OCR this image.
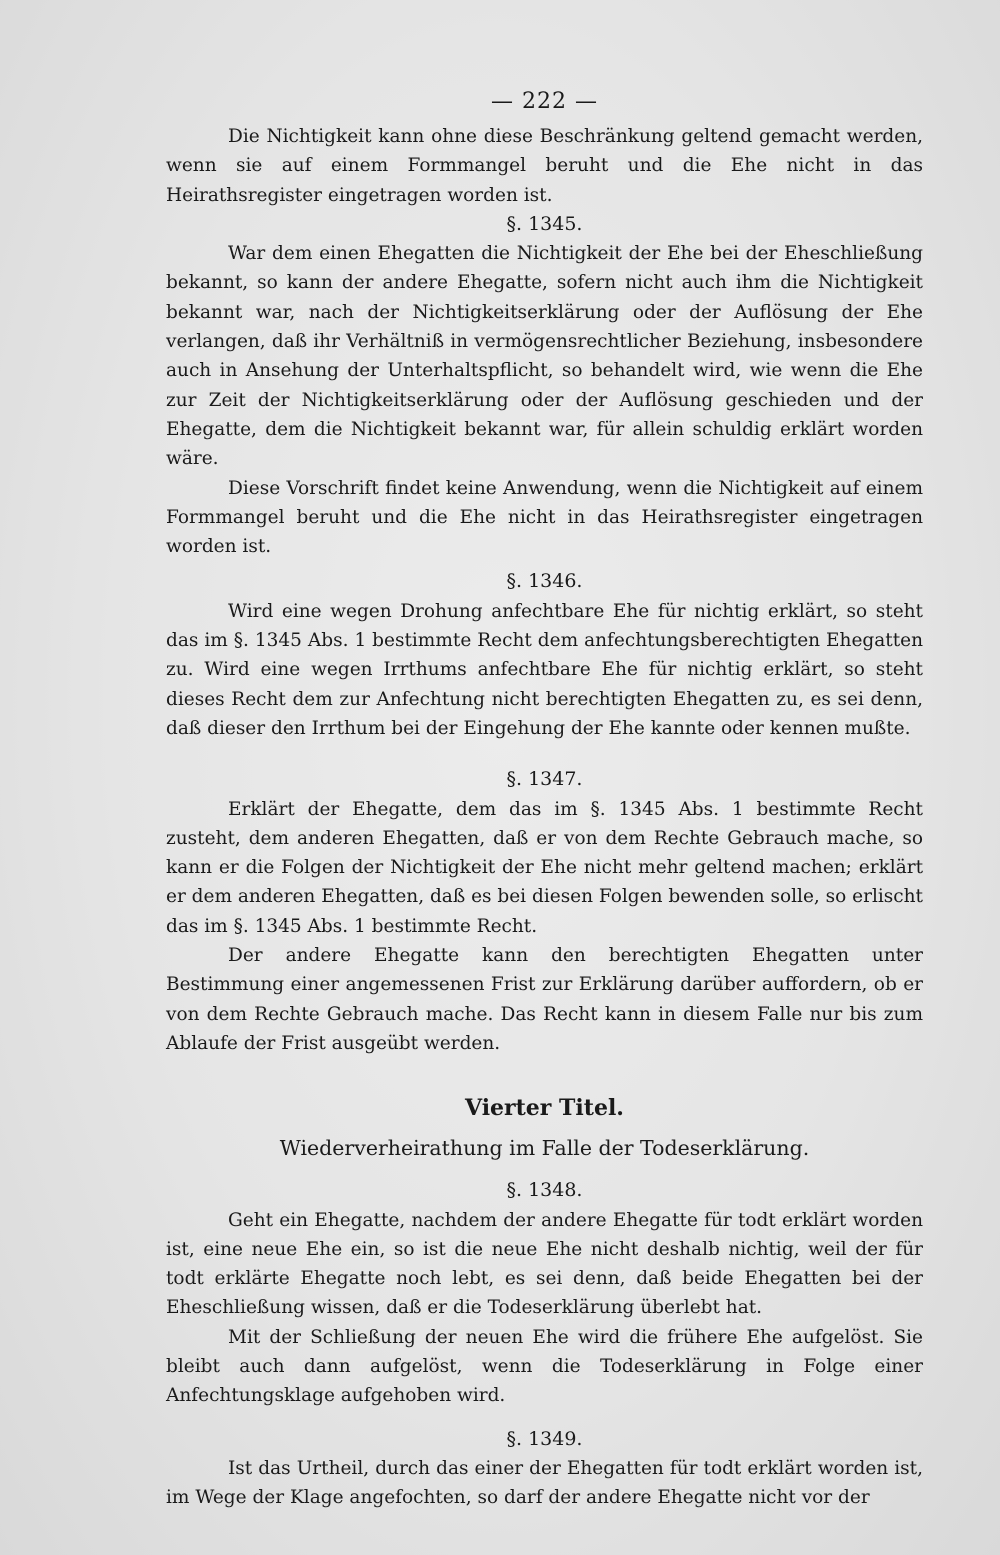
— 222 —

Die Nichtigkeit kann ohne diese Beschränkung geltend gemacht werden, wenn sie auf einem Formmangel beruht und die Ehe nicht in das Heirathsregister eingetragen worden ist.

§. 1345.

War dem einen Ehegatten die Nichtigkeit der Ehe bei der Eheschließung bekannt, so kann der andere Ehegatte, sofern nicht auch ihm die Nichtigkeit bekannt war, nach der Nichtigkeitserklärung oder der Auflösung der Ehe verlangen, daß ihr Verhältniß in vermögensrechtlicher Beziehung, insbesondere auch in Ansehung der Unterhaltspflicht, so behandelt wird, wie wenn die Ehe zur Zeit der Nichtigkeitserklärung oder der Auflösung geschieden und der Ehegatte, dem die Nichtigkeit bekannt war, für allein schuldig erklärt worden wäre.

Diese Vorschrift findet keine Anwendung, wenn die Nichtigkeit auf einem Formmangel beruht und die Ehe nicht in das Heirathsregister eingetragen worden ist.

§. 1346.

Wird eine wegen Drohung anfechtbare Ehe für nichtig erklärt, so steht das im §. 1345 Abs. 1 bestimmte Recht dem anfechtungsberechtigten Ehegatten zu. Wird eine wegen Irrthums anfechtbare Ehe für nichtig erklärt, so steht dieses Recht dem zur Anfechtung nicht berechtigten Ehegatten zu, es sei denn, daß dieser den Irrthum bei der Eingehung der Ehe kannte oder kennen mußte.

§. 1347.

Erklärt der Ehegatte, dem das im §. 1345 Abs. 1 bestimmte Recht zusteht, dem anderen Ehegatten, daß er von dem Rechte Gebrauch mache, so kann er die Folgen der Nichtigkeit der Ehe nicht mehr geltend machen; erklärt er dem anderen Ehegatten, daß es bei diesen Folgen bewenden solle, so erlischt das im §. 1345 Abs. 1 bestimmte Recht.

Der andere Ehegatte kann den berechtigten Ehegatten unter Bestimmung einer angemessenen Frist zur Erklärung darüber auffordern, ob er von dem Rechte Gebrauch mache. Das Recht kann in diesem Falle nur bis zum Ablaufe der Frist ausgeübt werden.

Vierter Titel.
Wiederverheirathung im Falle der Todeserklärung.
§. 1348.

Geht ein Ehegatte, nachdem der andere Ehegatte für todt erklärt worden ist, eine neue Ehe ein, so ist die neue Ehe nicht deshalb nichtig, weil der für todt erklärte Ehegatte noch lebt, es sei denn, daß beide Ehegatten bei der Eheschließung wissen, daß er die Todeserklärung überlebt hat.

Mit der Schließung der neuen Ehe wird die frühere Ehe aufgelöst. Sie bleibt auch dann aufgelöst, wenn die Todeserklärung in Folge einer Anfechtungsklage aufgehoben wird.

§. 1349.

Ist das Urtheil, durch das einer der Ehegatten für todt erklärt worden ist, im Wege der Klage angefochten, so darf der andere Ehegatte nicht vor der
